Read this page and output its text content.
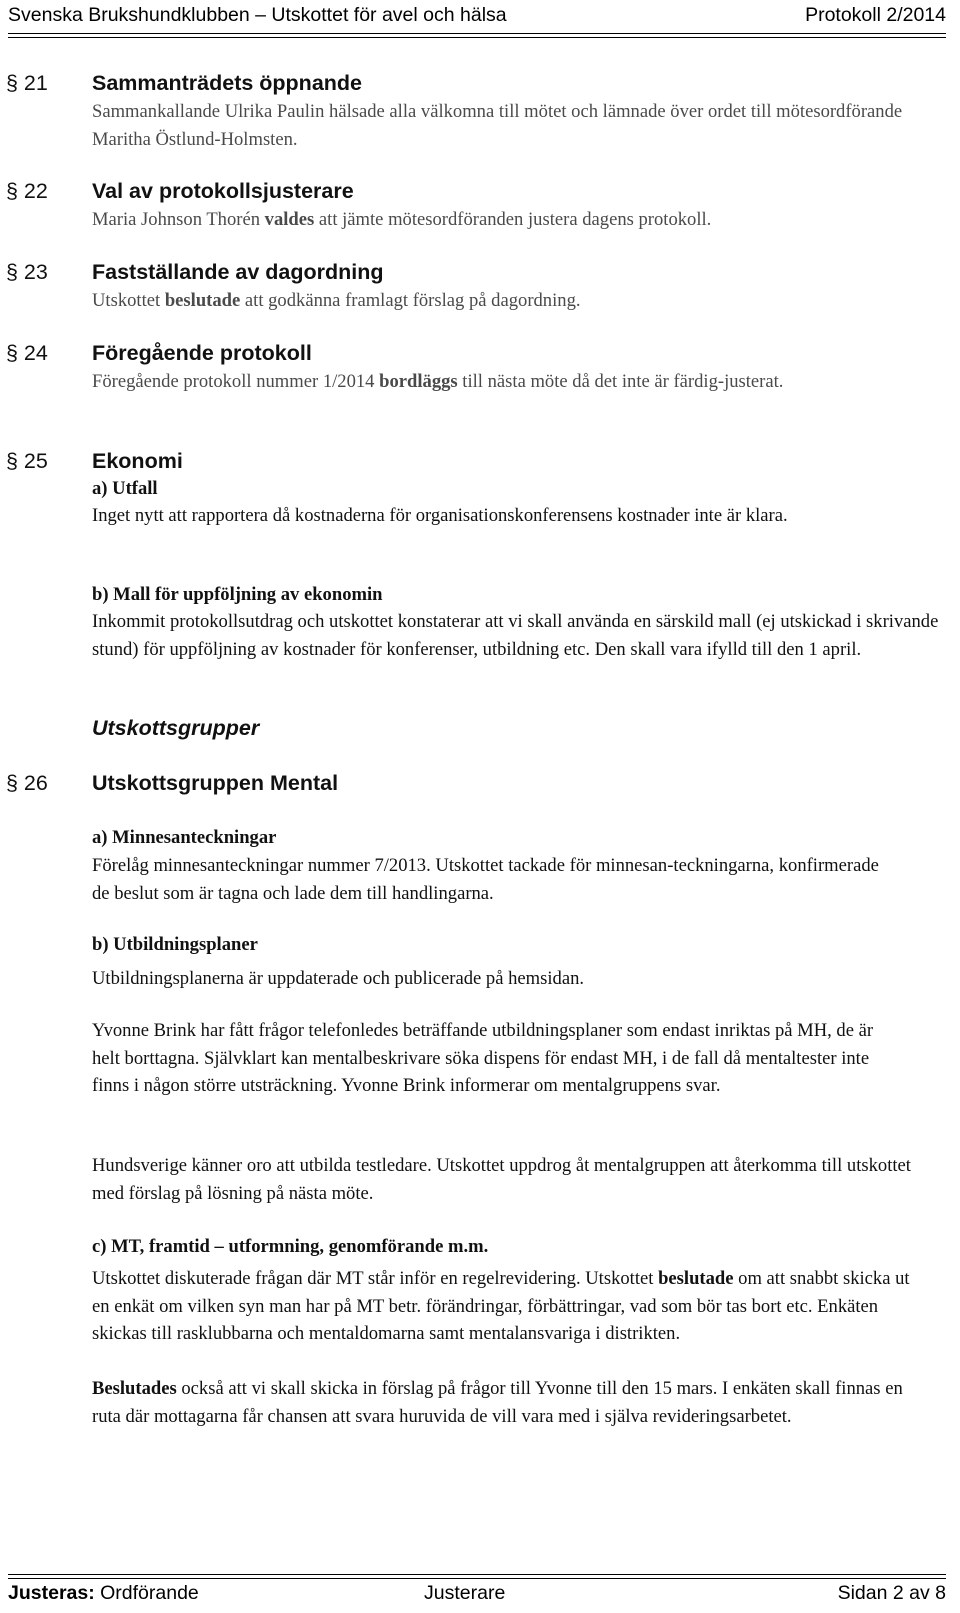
Svenska Brukshundklubben – Utskottet för avel och hälsa	Protokoll 2/2014
§ 21	Sammanträdets öppnande

Sammankallande Ulrika Paulin hälsade alla välkomna till mötet och lämnade över ordet till mötesordförande Maritha Östlund-Holmsten.

§ 22	Val av protokollsjusterare

Maria Johnson Thorén valdes att jämte mötesordföranden justera dagens protokoll.

§ 23	Fastställande av dagordning

Utskottet beslutade att godkänna framlagt förslag på dagordning.

§ 24	Föregående protokoll

Föregående protokoll nummer 1/2014 bordläggs till nästa möte då det inte är färdig-justerat.

§ 25	Ekonomi

a) Utfall

Inget nytt att rapportera då kostnaderna för organisationskonferensens kostnader inte är klara.

b) Mall för uppföljning av ekonomin

Inkommit protokollsutdrag och utskottet konstaterar att vi skall använda en särskild mall (ej utskickad i skrivande stund) för uppföljning av kostnader för konferenser, utbildning etc. Den skall vara ifylld till den 1 april.

Utskottsgrupper
§ 26	Utskottsgruppen Mental

a) Minnesanteckningar

Förelåg minnesanteckningar nummer 7/2013. Utskottet tackade för minnesan-teckningarna, konfirmerade de beslut som är tagna och lade dem till handlingarna.

b) Utbildningsplaner

Utbildningsplanerna är uppdaterade och publicerade på hemsidan.

Yvonne Brink har fått frågor telefonledes beträffande utbildningsplaner som endast inriktas på MH, de är helt borttagna. Självklart kan mentalbeskrivare söka dispens för endast MH, i de fall då mentaltester inte finns i någon större utsträckning. Yvonne Brink informerar om mentalgruppens svar.

Hundsverige känner oro att utbilda testledare. Utskottet uppdrog åt mentalgruppen att återkomma till utskottet med förslag på lösning på nästa möte.

c) MT, framtid – utformning, genomförande m.m.

Utskottet diskuterade frågan där MT står inför en regelrevidering. Utskottet beslutade om att snabbt skicka ut en enkät om vilken syn man har på MT betr. förändringar, förbättringar, vad som bör tas bort etc. Enkäten skickas till rasklubbarna och mentaldomarna samt mentalansvariga i distrikten.

Beslutades också att vi skall skicka in förslag på frågor till Yvonne till den 15 mars. I enkäten skall finnas en ruta där mottagarna får chansen att svara huruvida de vill vara med i själva revideringsarbetet.

Justeras: Ordförande	Justerare	Sidan 2 av 8
